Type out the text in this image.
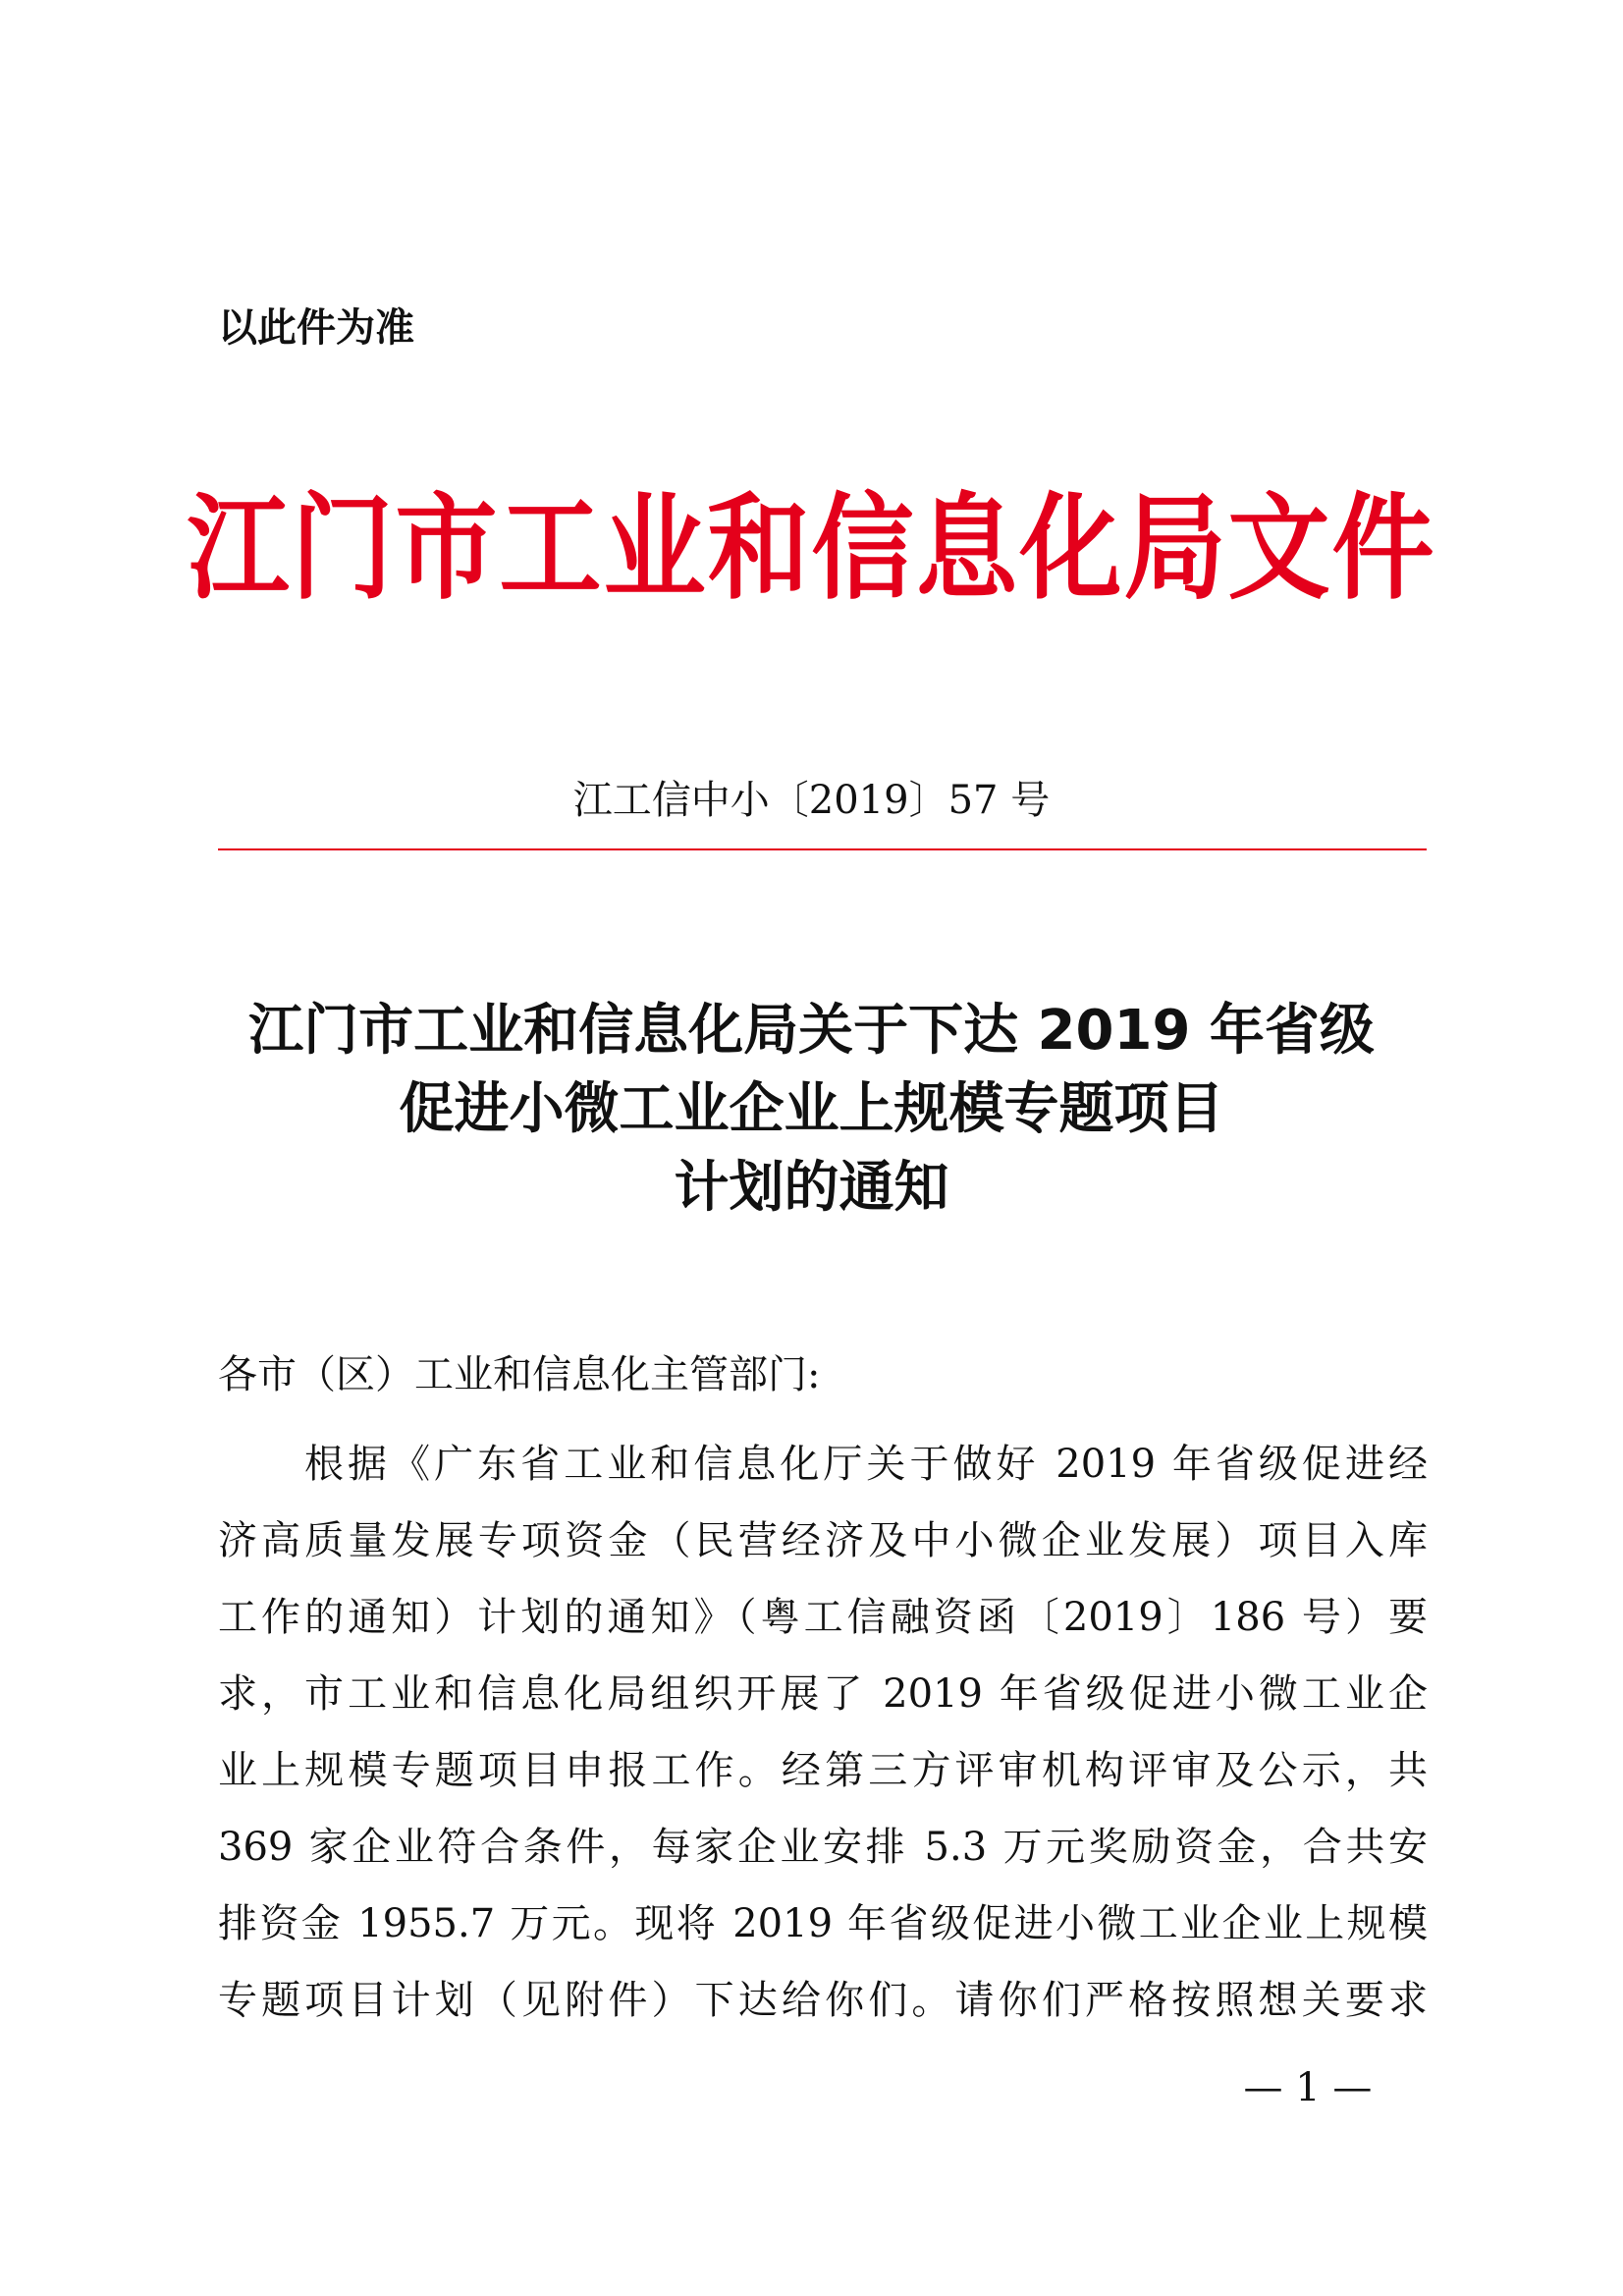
以此件为准
江门市工业和信息化局文件
江工信中小〔2019〕57 号
江门市工业和信息化局关于下达 2019 年省级
促进小微工业企业上规模专题项目
计划的通知
各市（区）工业和信息化主管部门:
根据《广东省工业和信息化厅关于做好 2019 年省级促进经
济高质量发展专项资金（民营经济及中小微企业发展）项目入库
工作的通知）计划的通知》（粤工信融资函〔2019〕186 号）要
求，市工业和信息化局组织开展了 2019 年省级促进小微工业企
业上规模专题项目申报工作。经第三方评审机构评审及公示，共
369 家企业符合条件，每家企业安排 5.3 万元奖励资金，合共安
排资金 1955.7 万元。现将 2019 年省级促进小微工业企业上规模
专题项目计划（见附件）下达给你们。请你们严格按照想关要求
— 1 —
